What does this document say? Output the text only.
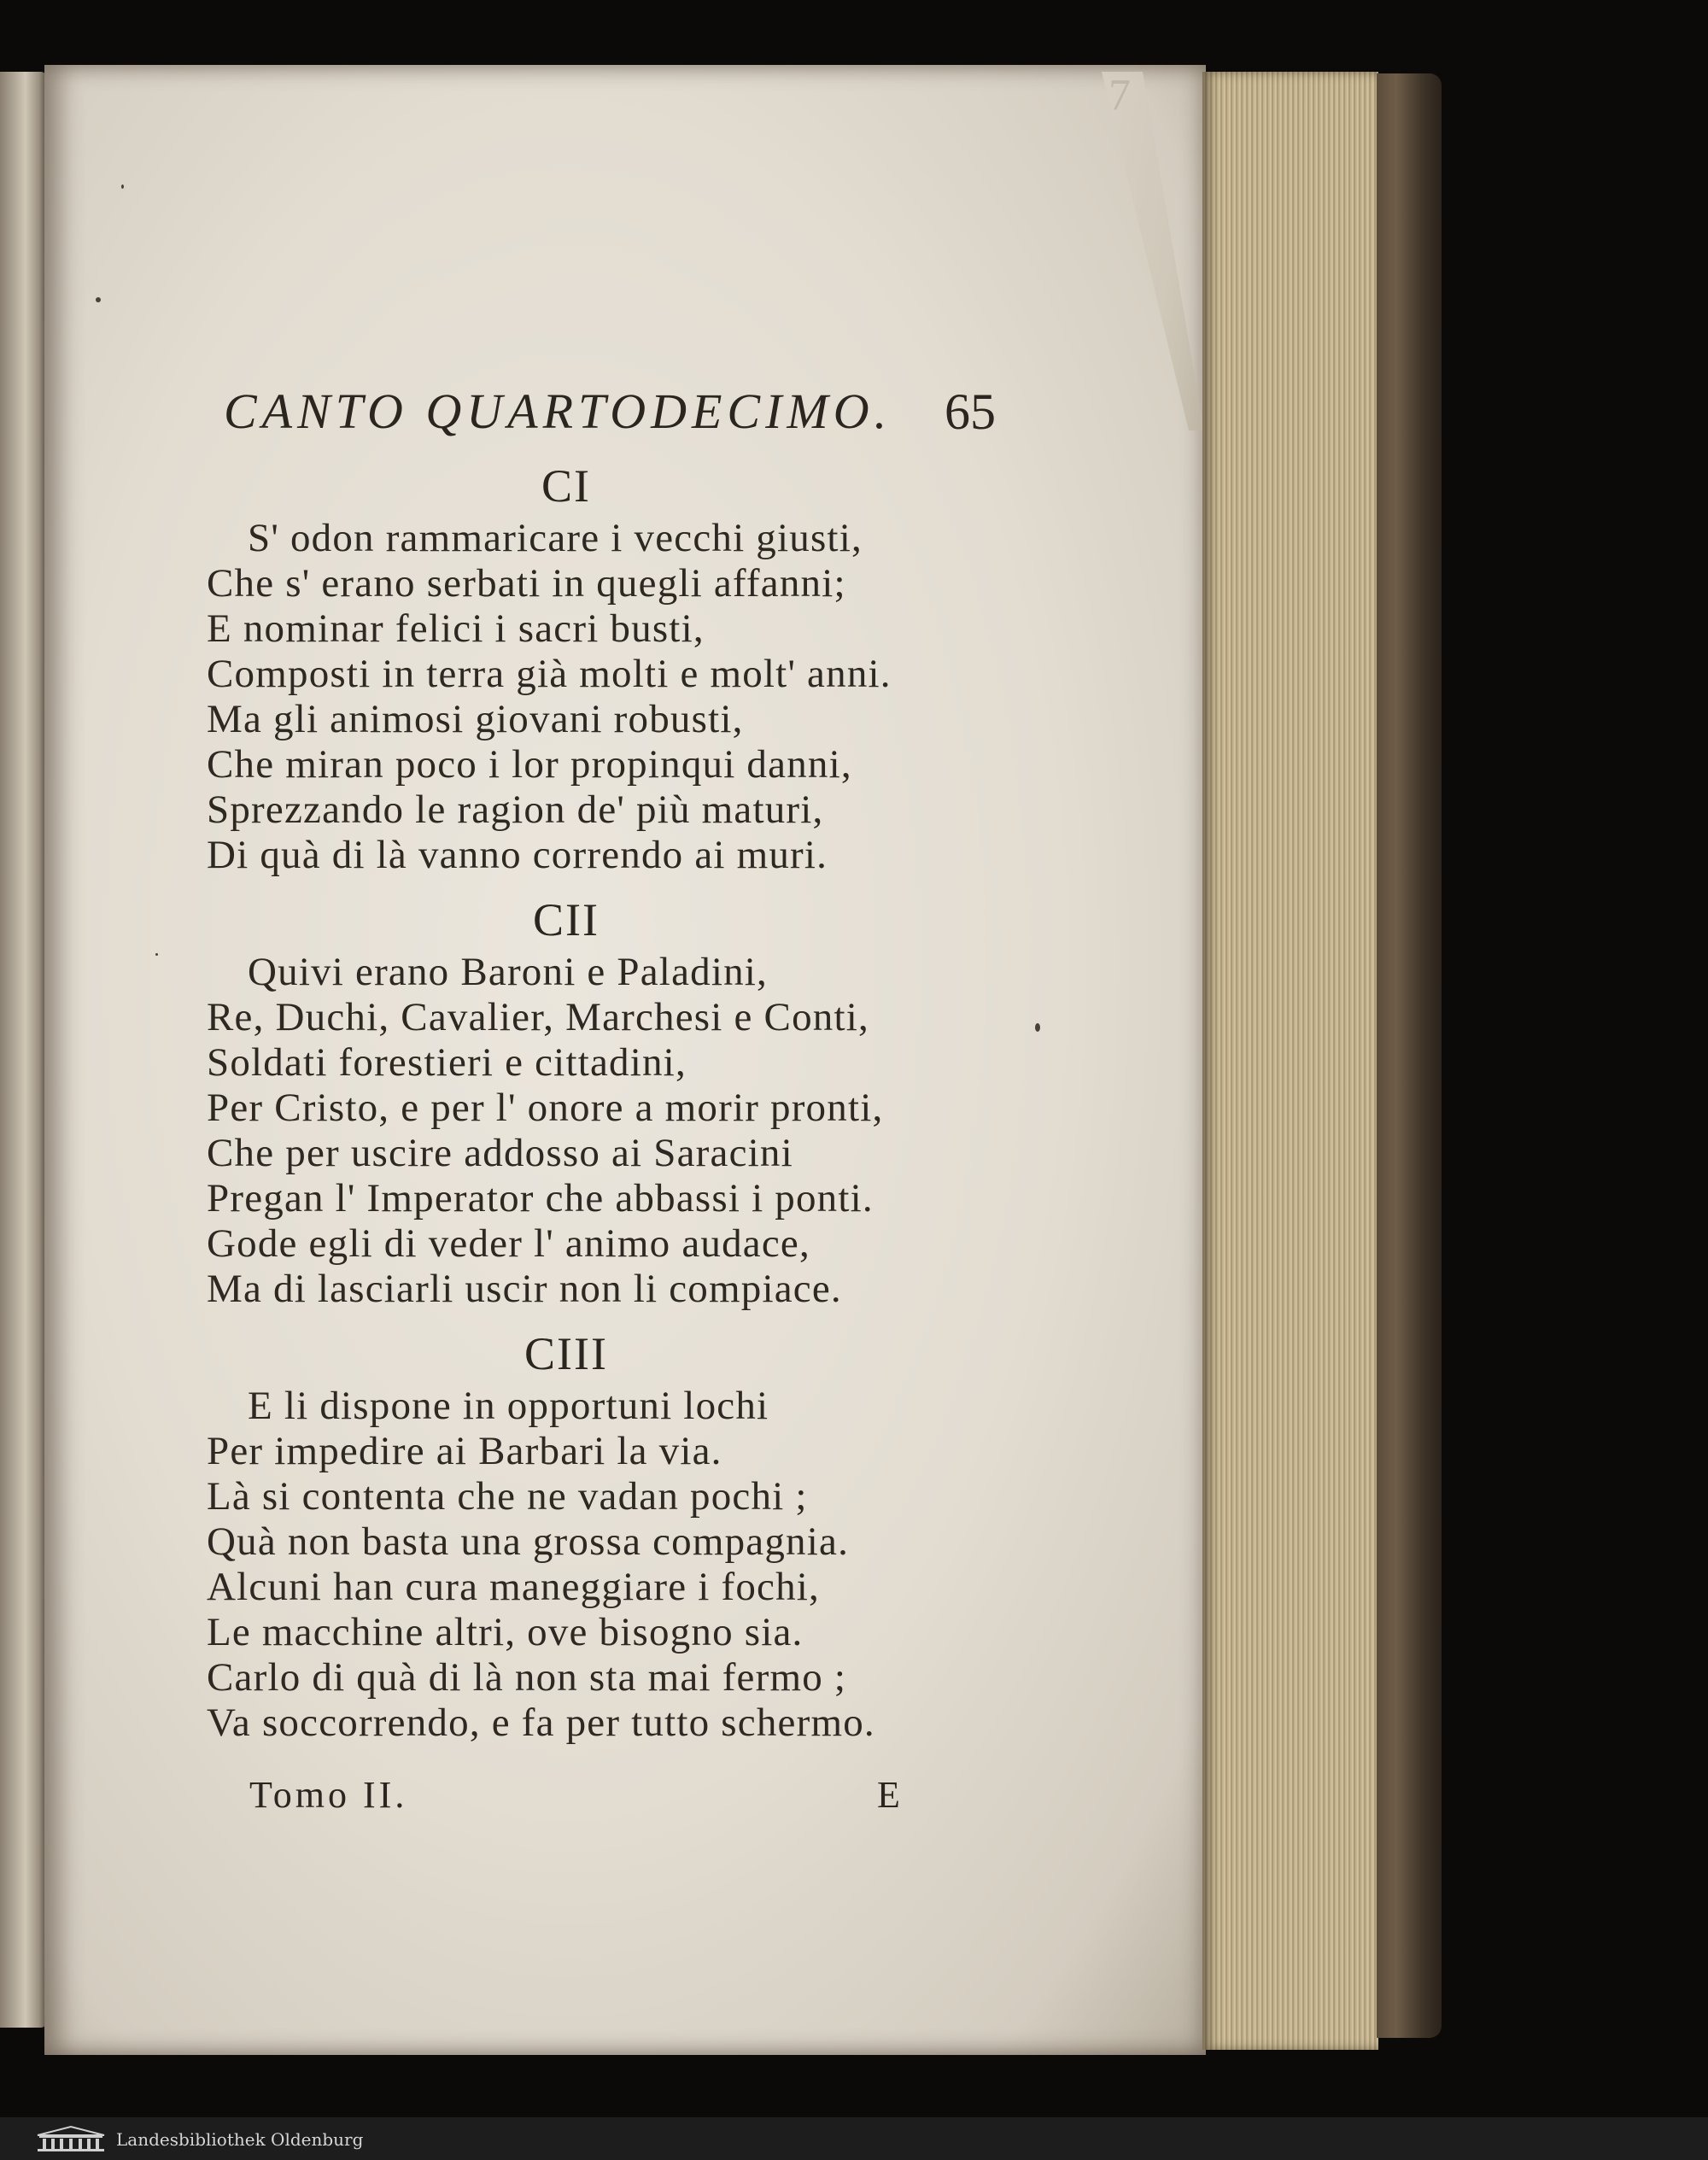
CANTO QUARTODECIMO.	65
CI
S' odon rammaricare i vecchi giusti,
Che s' erano serbati in quegli affanni;
E nominar felici i sacri busti,
Composti in terra già molti e molt' anni.
Ma gli animosi giovani robusti,
Che miran poco i lor propinqui danni,
Sprezzando le ragion de' più maturi,
Di quà di là vanno correndo ai muri.
CII
Quivi erano Baroni e Paladini,
Re, Duchi, Cavalier, Marchesi e Conti,
Soldati forestieri e cittadini,
Per Cristo, e per l' onore a morir pronti,
Che per uscire addosso ai Saracini
Pregan l' Imperator che abbassi i ponti.
Gode egli di veder l' animo audace,
Ma di lasciarli uscir non li compiace.
CIII
E li dispone in opportuni lochi
Per impedire ai Barbari la via.
Là si contenta che ne vadan pochi ;
Quà non basta una grossa compagnia.
Alcuni han cura maneggiare i fochi,
Le macchine altri, ove bisogno sia.
Carlo di quà di là non sta mai fermo ;
Va soccorrendo, e fa per tutto schermo.
Tomo II.	E
Landesbibliothek Oldenburg
